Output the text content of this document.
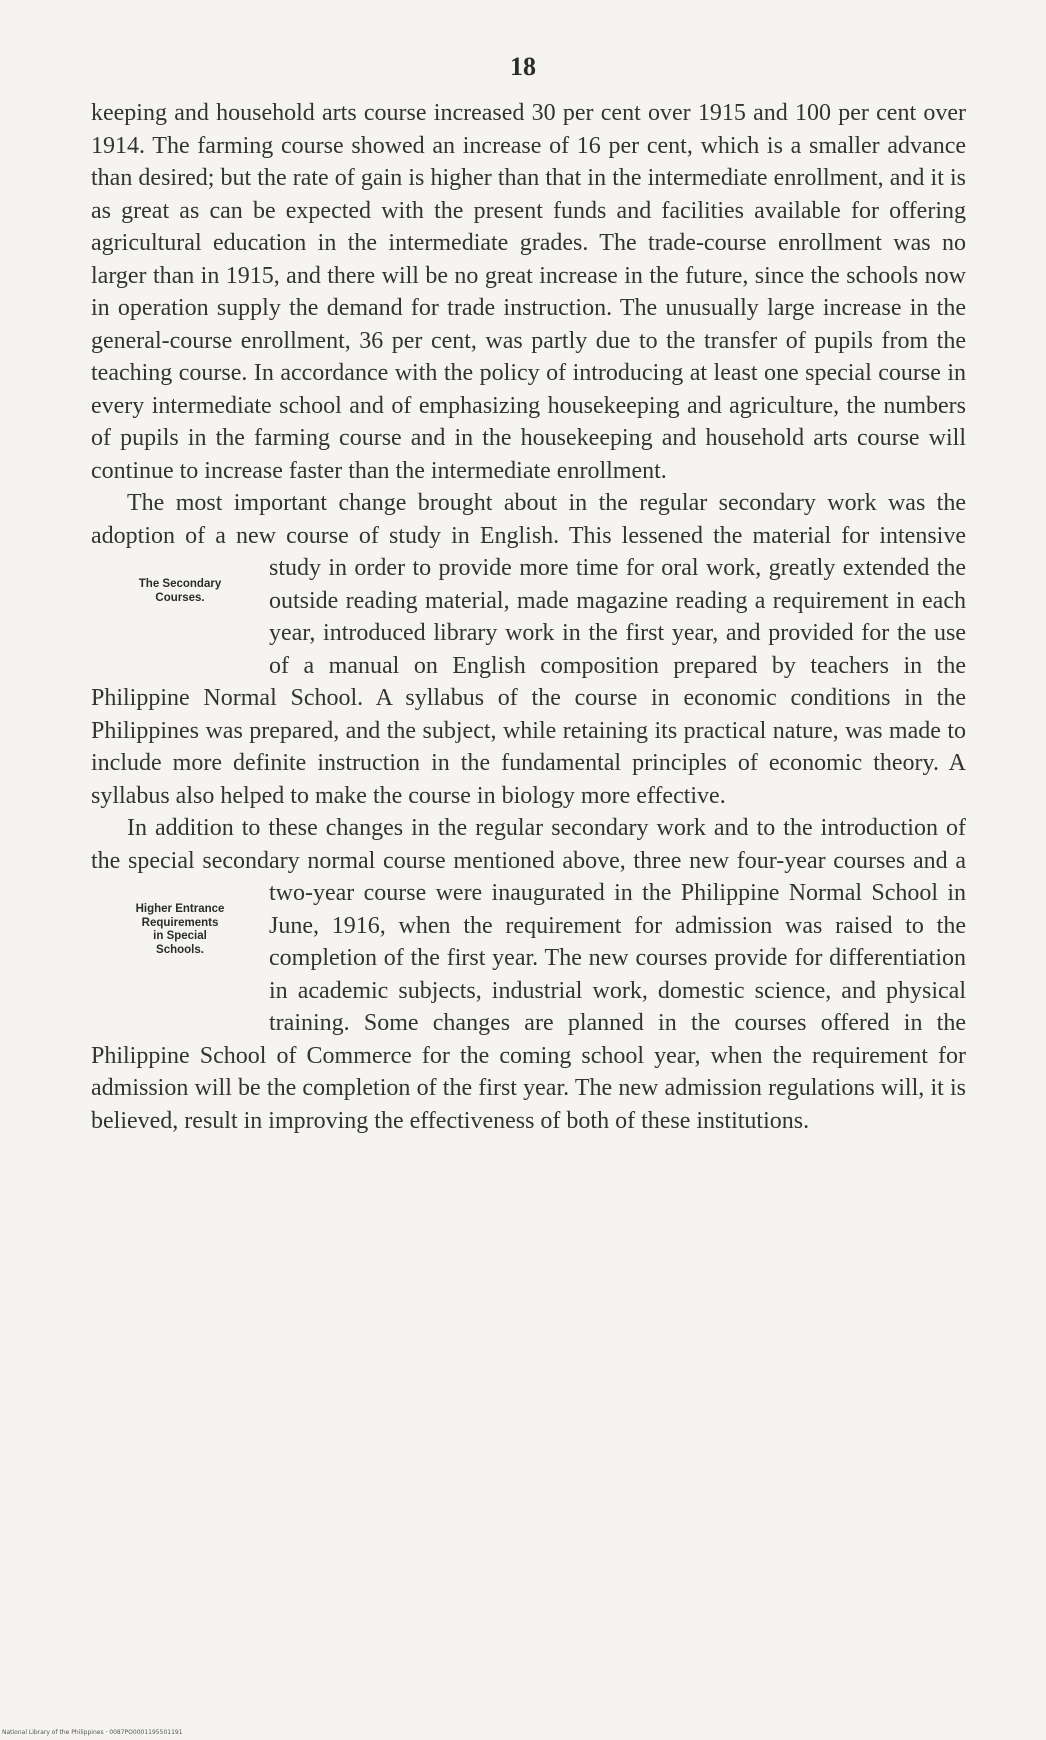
18

keeping and household arts course increased 30 per cent over 1915 and 100 per cent over 1914. The farming course showed an increase of 16 per cent, which is a smaller advance than desired; but the rate of gain is higher than that in the intermediate enrollment, and it is as great as can be expected with the present funds and facilities available for offering agricultural education in the intermediate grades. The trade-course enrollment was no larger than in 1915, and there will be no great increase in the future, since the schools now in operation supply the demand for trade instruction. The unusually large increase in the general-course enrollment, 36 per cent, was partly due to the transfer of pupils from the teaching course. In accordance with the policy of introducing at least one special course in every intermediate school and of emphasizing housekeeping and agriculture, the numbers of pupils in the farming course and in the housekeeping and household arts course will continue to increase faster than the intermediate enrollment.

The most important change brought about in the regular secondary work was the adoption of a new course of study in English. This lessened the material for intensive study in order
The Secondary
Courses.
to provide more time for oral work, greatly extended the outside reading material, made magazine reading a requirement in each year, introduced library work in the first year, and provided for the use of a manual on English composition prepared by teachers in the Philippine Normal School. A syllabus of the course in economic conditions in the Philippines was prepared, and the subject, while retaining its practical nature, was made to include more definite instruction in the fundamental principles of economic theory. A syllabus also helped to make the course in biology more effective.

In addition to these changes in the regular secondary work and to the introduction of the special secondary normal course mentioned above, three new four-year courses and a two-year course
Higher Entrance
Requirements
in Special
Schools.
were inaugurated in the Philippine Normal School in June, 1916, when the requirement for admission was raised to the completion of the first year. The new courses provide for differentiation in academic subjects, industrial work, domestic science, and physical training. Some changes are planned in the courses offered in the Philippine School of Commerce for the coming school year, when the requirement for admission will be the completion of the first year. The new admission regulations will, it is believed, result in improving the effectiveness of both of these institutions.

National Library of the Philippines · 0087PO0001195501191
